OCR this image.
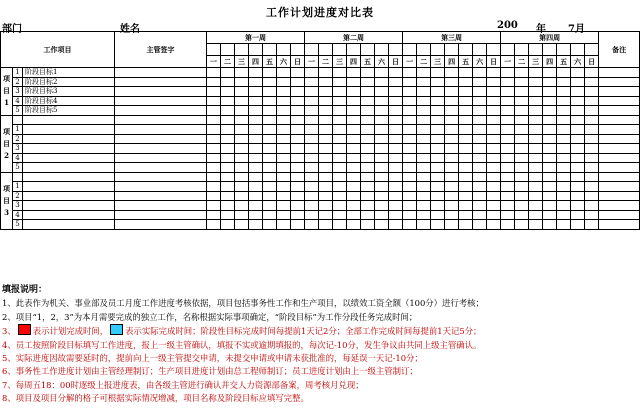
工作计划进度对比表
部门	姓名	200 年 7月
工作项目			主管签字	第一周							第二周							第三周							第四周							备注

				一	二	三	四	五	六	日	一	二	三	四	五	六	日	一	二	三	四	五	六	日	一	二	三	四	五	六	日	
项 目 1	1	阶段目标1																														
	2	阶段目标2																														
	3	阶段目标3																														
	4	阶段目标4																														
	5	阶段目标5																														
项 目 2																																
	1																															
	2																															
	3																															
	4																															
	5																															
项 目 3																																
	1																															
	2																															
	3																															
	4																															
	5																															
填报说明：
1、此表作为机关、事业部及员工月度工作进度考核依据，项目包括事务性工作和生产项目，以绩效工资全额（100分）进行考核；
2、项目“1，2，3”为本月需要完成的独立工作，名称根据实际事项确定，“阶段目标”为工作分段任务完成时间；
3、 表示计划完成时间， 表示实际完成时间；阶段性目标完成时间每提前1天记2分；全部工作完成时间每提前1天记5分；
4、员工按照阶段目标填写工作进度，报上一级主管确认，填报不实或逾期填报的，每次记-10分，发生争议由共同上级主管确认。
5、实际进度因故需要延时的，提前向上一级主管提交申请，未提交申请或申请未获批准的，每延误一天记-10分；
6、事务性工作进度计划由主管经理制订；生产项目进度计划由总工程师制订；员工进度计划由上一级主管制订；
7、每周五18：00时逐级上报进度表，由各级主管进行确认并交人力资源部备案，周考核月兑现；
8、项目及项目分解的格子可根据实际情况增减，项目名称及阶段目标应填写完整。
